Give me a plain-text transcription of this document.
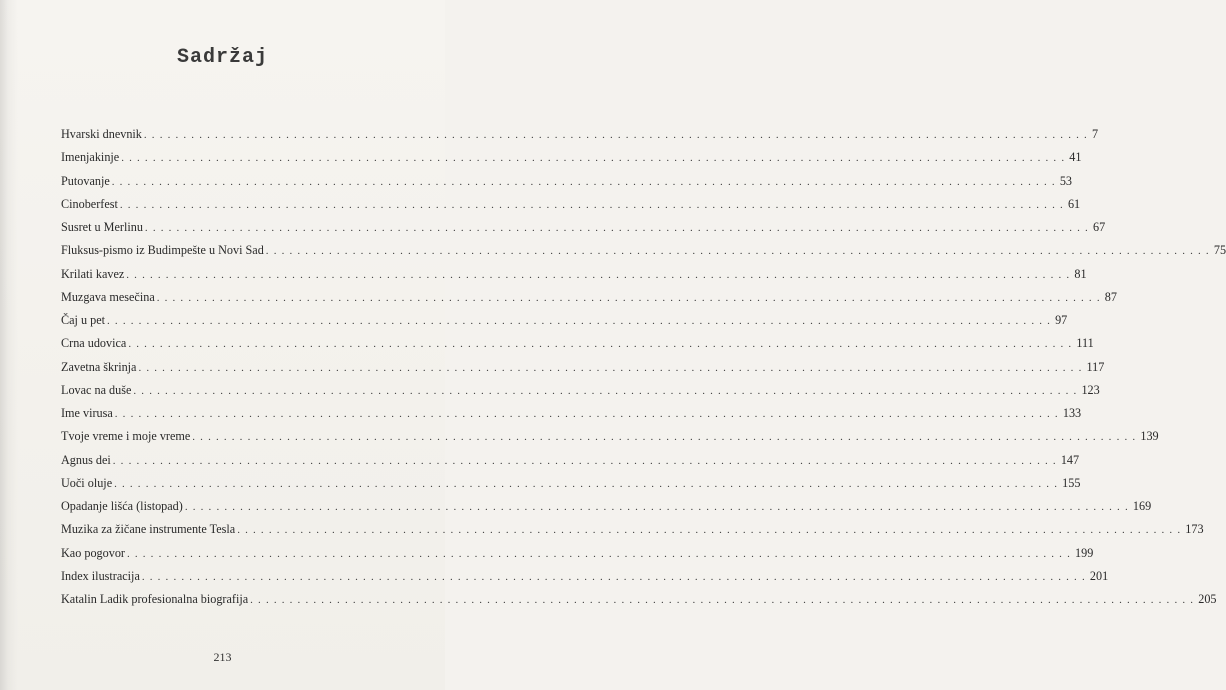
Sadržaj
Hvarski dnevnik . . . . . . . . . . . . . . . . . . . . . . . . . . . . . . . . . . . . . . . . . . . . . . . . . . . . . . . . . . . . . . . . . . . . . . . . . . . . . . . . . . . . . . . . . . . . . . . . . . . . . . . . . . . . . . . . . . . . . . . . 7
Imenjakinje . . . . . . . . . . . . . . . . . . . . . . . . . . . . . . . . . . . . . . . . . . . . . . . . . . . . . . . . . . . . . . . . . . . . . . . . . . . . . . . . . . . . . . . . . . . . . . . . . . . . . . . . . . . . . . . . . . . . . . . . 41
Putovanje . . . . . . . . . . . . . . . . . . . . . . . . . . . . . . . . . . . . . . . . . . . . . . . . . . . . . . . . . . . . . . . . . . . . . . . . . . . . . . . . . . . . . . . . . . . . . . . . . . . . . . . . . . . . . . . . . . . . . . . . 53
Cinoberfest . . . . . . . . . . . . . . . . . . . . . . . . . . . . . . . . . . . . . . . . . . . . . . . . . . . . . . . . . . . . . . . . . . . . . . . . . . . . . . . . . . . . . . . . . . . . . . . . . . . . . . . . . . . . . . . . . . . . . . . . 61
Susret u Merlinu . . . . . . . . . . . . . . . . . . . . . . . . . . . . . . . . . . . . . . . . . . . . . . . . . . . . . . . . . . . . . . . . . . . . . . . . . . . . . . . . . . . . . . . . . . . . . . . . . . . . . . . . . . . . . . . . . . . . . . . . 67
Fluksus-pismo iz Budimpešte u Novi Sad . . . . . . . . . . . . . . . . . . . . . . . . . . . . . . . . . . . . . . . . . . . . . . . . . . . . . . . . . . . . . . . . . . . . . . . . . . . . . . . . . . . . . . . . . . . . . . . . . . . . . . . . . . . . . . . . . . . . . . . . 75
Krilati kavez . . . . . . . . . . . . . . . . . . . . . . . . . . . . . . . . . . . . . . . . . . . . . . . . . . . . . . . . . . . . . . . . . . . . . . . . . . . . . . . . . . . . . . . . . . . . . . . . . . . . . . . . . . . . . . . . . . . . . . . . 81
Muzgava mesečina . . . . . . . . . . . . . . . . . . . . . . . . . . . . . . . . . . . . . . . . . . . . . . . . . . . . . . . . . . . . . . . . . . . . . . . . . . . . . . . . . . . . . . . . . . . . . . . . . . . . . . . . . . . . . . . . . . . . . . . . 87
Čaj u pet . . . . . . . . . . . . . . . . . . . . . . . . . . . . . . . . . . . . . . . . . . . . . . . . . . . . . . . . . . . . . . . . . . . . . . . . . . . . . . . . . . . . . . . . . . . . . . . . . . . . . . . . . . . . . . . . . . . . . . . . 97
Crna udovica . . . . . . . . . . . . . . . . . . . . . . . . . . . . . . . . . . . . . . . . . . . . . . . . . . . . . . . . . . . . . . . . . . . . . . . . . . . . . . . . . . . . . . . . . . . . . . . . . . . . . . . . . . . . . . . . . . . . . . . . 111
Zavetna škrinja . . . . . . . . . . . . . . . . . . . . . . . . . . . . . . . . . . . . . . . . . . . . . . . . . . . . . . . . . . . . . . . . . . . . . . . . . . . . . . . . . . . . . . . . . . . . . . . . . . . . . . . . . . . . . . . . . . . . . . . . 117
Lovac na duše . . . . . . . . . . . . . . . . . . . . . . . . . . . . . . . . . . . . . . . . . . . . . . . . . . . . . . . . . . . . . . . . . . . . . . . . . . . . . . . . . . . . . . . . . . . . . . . . . . . . . . . . . . . . . . . . . . . . . . . . 123
Ime virusa . . . . . . . . . . . . . . . . . . . . . . . . . . . . . . . . . . . . . . . . . . . . . . . . . . . . . . . . . . . . . . . . . . . . . . . . . . . . . . . . . . . . . . . . . . . . . . . . . . . . . . . . . . . . . . . . . . . . . . . . 133
Tvoje vreme i moje vreme . . . . . . . . . . . . . . . . . . . . . . . . . . . . . . . . . . . . . . . . . . . . . . . . . . . . . . . . . . . . . . . . . . . . . . . . . . . . . . . . . . . . . . . . . . . . . . . . . . . . . . . . . . . . . . . . . . . . . . . . 139
Agnus dei . . . . . . . . . . . . . . . . . . . . . . . . . . . . . . . . . . . . . . . . . . . . . . . . . . . . . . . . . . . . . . . . . . . . . . . . . . . . . . . . . . . . . . . . . . . . . . . . . . . . . . . . . . . . . . . . . . . . . . . . 147
Uoči oluje . . . . . . . . . . . . . . . . . . . . . . . . . . . . . . . . . . . . . . . . . . . . . . . . . . . . . . . . . . . . . . . . . . . . . . . . . . . . . . . . . . . . . . . . . . . . . . . . . . . . . . . . . . . . . . . . . . . . . . . . 155
Opadanje lišća (listopad) . . . . . . . . . . . . . . . . . . . . . . . . . . . . . . . . . . . . . . . . . . . . . . . . . . . . . . . . . . . . . . . . . . . . . . . . . . . . . . . . . . . . . . . . . . . . . . . . . . . . . . . . . . . . . . . . . . . . . . . . 169
Muzika za žičane instrumente Tesla . . . . . . . . . . . . . . . . . . . . . . . . . . . . . . . . . . . . . . . . . . . . . . . . . . . . . . . . . . . . . . . . . . . . . . . . . . . . . . . . . . . . . . . . . . . . . . . . . . . . . . . . . . . . . . . . . . . . . . . . 173
Kao pogovor . . . . . . . . . . . . . . . . . . . . . . . . . . . . . . . . . . . . . . . . . . . . . . . . . . . . . . . . . . . . . . . . . . . . . . . . . . . . . . . . . . . . . . . . . . . . . . . . . . . . . . . . . . . . . . . . . . . . . . . . 199
Index ilustracija . . . . . . . . . . . . . . . . . . . . . . . . . . . . . . . . . . . . . . . . . . . . . . . . . . . . . . . . . . . . . . . . . . . . . . . . . . . . . . . . . . . . . . . . . . . . . . . . . . . . . . . . . . . . . . . . . . . . . . . . 201
Katalin Ladik profesionalna biografija . . . . . . . . . . . . . . . . . . . . . . . . . . . . . . . . . . . . . . . . . . . . . . . . . . . . . . . . . . . . . . . . . . . . . . . . . . . . . . . . . . . . . . . . . . . . . . . . . . . . . . . . . . . . . . . . . . . . . . . . 205
213
